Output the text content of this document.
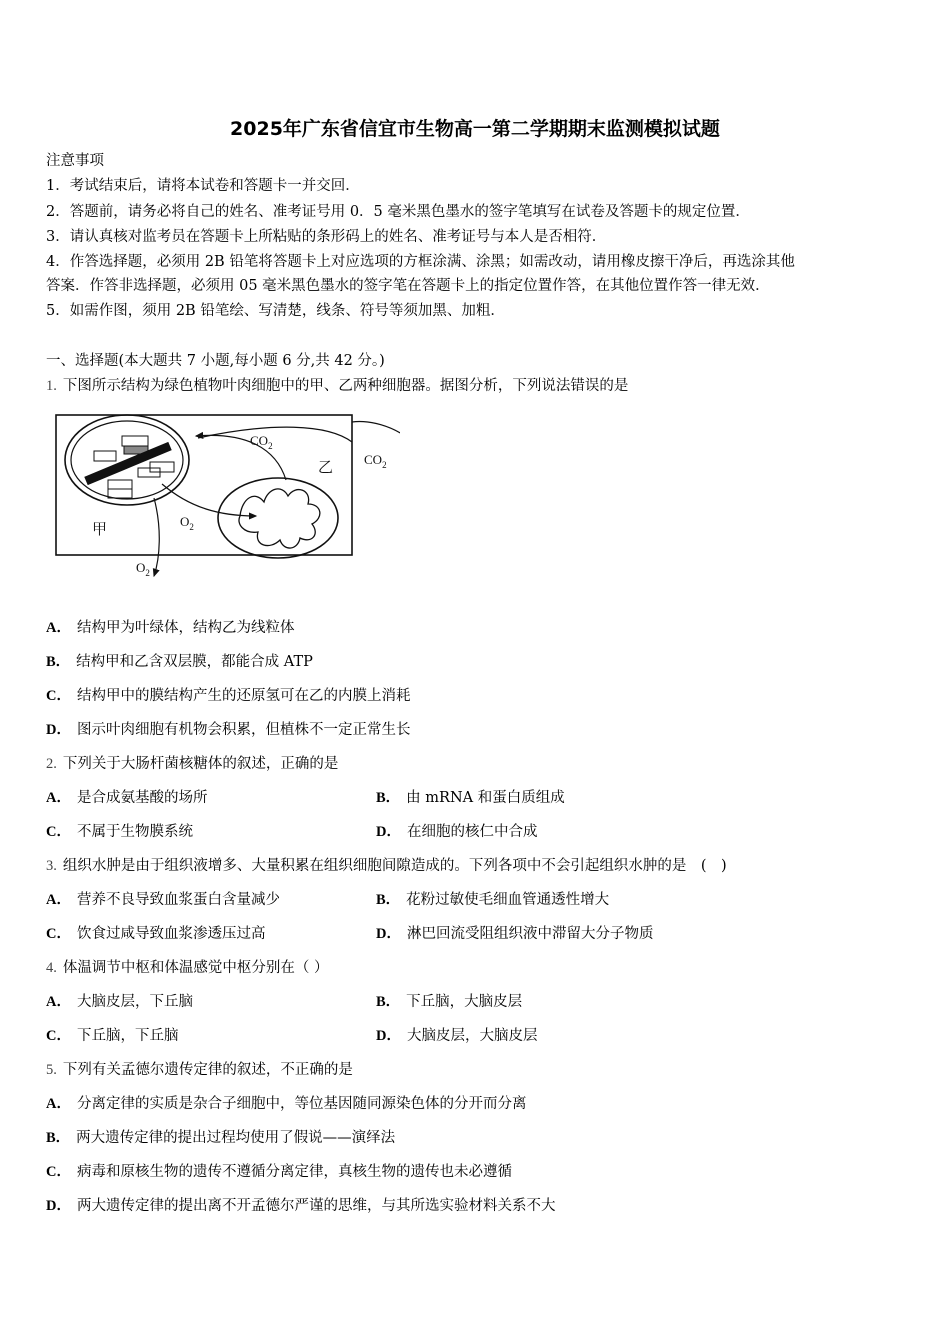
2025年广东省信宜市生物高一第二学期期末监测模拟试题
注意事项
1．考试结束后，请将本试卷和答题卡一并交回．
2．答题前，请务必将自己的姓名、准考证号用 0．5 毫米黑色墨水的签字笔填写在试卷及答题卡的规定位置．
3．请认真核对监考员在答题卡上所粘贴的条形码上的姓名、准考证号与本人是否相符．
4．作答选择题，必须用 2B 铅笔将答题卡上对应选项的方框涂满、涂黑；如需改动，请用橡皮擦干净后，再选涂其他
答案．作答非选择题，必须用 05 毫米黑色墨水的签字笔在答题卡上的指定位置作答，在其他位置作答一律无效．
5．如需作图，须用 2B 铅笔绘、写清楚，线条、符号等须加黑、加粗．
一、选择题(本大题共 7 小题,每小题 6 分,共 42 分。)
1. 下图所示结构为绿色植物叶肉细胞中的甲、乙两种细胞器。据图分析，下列说法错误的是
$CO_2$
$CO_2$
乙
甲	$O_2$
$O_2$
A． 结构甲为叶绿体，结构乙为线粒体
B． 结构甲和乙含双层膜，都能合成 ATP
C． 结构甲中的膜结构产生的还原氢可在乙的内膜上消耗
D． 图示叶肉细胞有机物会积累，但植株不一定正常生长
2. 下列关于大肠杆菌核糖体的叙述，正确的是
A． 是合成氨基酸的场所	B． 由 mRNA 和蛋白质组成
C． 不属于生物膜系统	D． 在细胞的核仁中合成
3. 组织水肿是由于组织液增多、大量积累在组织细胞间隙造成的。下列各项中不会引起组织水肿的是　(　)
A． 营养不良导致血浆蛋白含量减少	B． 花粉过敏使毛细血管通透性增大
C． 饮食过咸导致血浆渗透压过高	D． 淋巴回流受阻组织液中滞留大分子物质
4. 体温调节中枢和体温感觉中枢分别在（ ）
A． 大脑皮层，下丘脑	B． 下丘脑，大脑皮层
C． 下丘脑，下丘脑	D． 大脑皮层，大脑皮层
5. 下列有关孟德尔遗传定律的叙述，不正确的是
A． 分离定律的实质是杂合子细胞中，等位基因随同源染色体的分开而分离
B． 两大遗传定律的提出过程均使用了假说——演绎法
C． 病毒和原核生物的遗传不遵循分离定律，真核生物的遗传也未必遵循
D． 两大遗传定律的提出离不开孟德尔严谨的思维，与其所选实验材料关系不大
